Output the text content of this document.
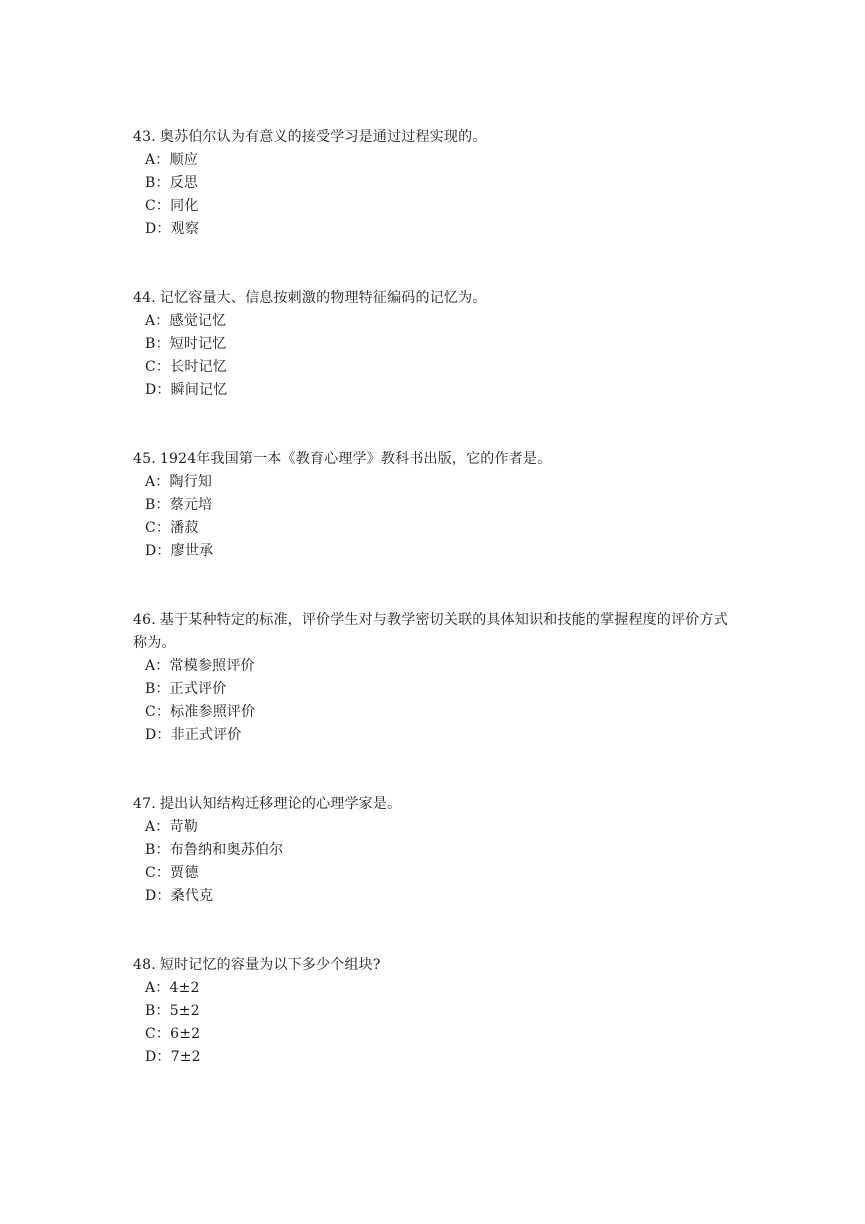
43. 奥苏伯尔认为有意义的接受学习是通过过程实现的。

A：顺应
B：反思
C：同化
D：观察

44. 记忆容量大、信息按刺激的物理特征编码的记忆为。

A：感觉记忆
B：短时记忆
C：长时记忆
D：瞬间记忆

45. 1924年我国第一本《教育心理学》教科书出版，它的作者是。

A：陶行知
B：蔡元培
C：潘菽
D：廖世承

46. 基于某种特定的标准，评价学生对与教学密切关联的具体知识和技能的掌握程度的评价方式称为。

A：常模参照评价
B：正式评价
C：标准参照评价
D：非正式评价

47. 提出认知结构迁移理论的心理学家是。

A：苛勒
B：布鲁纳和奥苏伯尔
C：贾德
D：桑代克

48. 短时记忆的容量为以下多少个组块?

A：4±2
B：5±2
C：6±2
D：7±2
